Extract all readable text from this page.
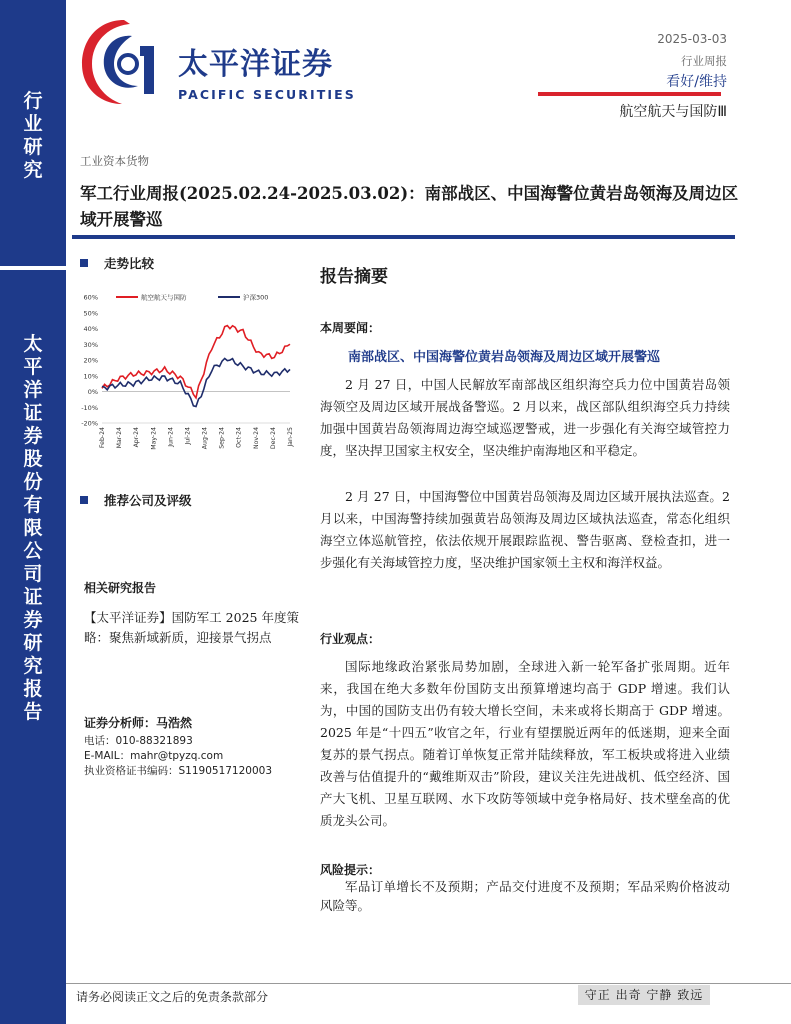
行
业
研
究
太
平
洋
证
券
股
份
有
限
公
司
证
券
研
究
报
告
太平洋证券
PACIFIC SECURITIES
2025-03-03
行业周报
看好/维持
航空航天与国防Ⅲ
工业资本货物
军工行业周报(2025.02.24-2025.03.02)：南部战区、中国海警位黄岩岛领海及周边区域开展警巡
走势比较
60%
50%
40%
30%
20%
10%
0%
-10%
-20%
Feb-24 Mar-24 Apr-24 May-24 Jun-24 Jul-24 Aug-24 Sep-24 Oct-24 Nov-24 Dec-24 Jan-25
航空航天与国防	沪深300
推荐公司及评级
相关研究报告
【太平洋证券】国防军工 2025 年度策略：聚焦新域新质，迎接景气拐点
证券分析师：马浩然
电话：010-88321893
E-MAIL：mahr@tpyzq.com
执业资格证书编码：S1190517120003
报告摘要
本周要闻：
南部战区、中国海警位黄岩岛领海及周边区域开展警巡
2 月 27 日，中国人民解放军南部战区组织海空兵力位中国黄岩岛领海领空及周边区域开展战备警巡。2 月以来，战区部队组织海空兵力持续加强中国黄岩岛领海周边海空域巡逻警戒，进一步强化有关海空域管控力度，坚决捍卫国家主权安全，坚决维护南海地区和平稳定。
2 月 27 日，中国海警位中国黄岩岛领海及周边区域开展执法巡查。2 月以来，中国海警持续加强黄岩岛领海及周边区域执法巡查，常态化组织海空立体巡航管控，依法依规开展跟踪监视、警告驱离、登检查扣，进一步强化有关海域管控力度，坚决维护国家领土主权和海洋权益。
行业观点：
国际地缘政治紧张局势加剧，全球进入新一轮军备扩张周期。近年来，我国在绝大多数年份国防支出预算增速均高于 GDP 增速。我们认为，中国的国防支出仍有较大增长空间，未来或将长期高于 GDP 增速。2025 年是“十四五”收官之年，行业有望摆脱近两年的低迷期，迎来全面复苏的景气拐点。随着订单恢复正常并陆续释放，军工板块或将进入业绩改善与估值提升的“戴维斯双击”阶段，建议关注先进战机、低空经济、国产大飞机、卫星互联网、水下攻防等领域中竞争格局好、技术壁垒高的优质龙头公司。
风险提示：
军品订单增长不及预期；产品交付进度不及预期；军品采购价格波动风险等。
请务必阅读正文之后的免责条款部分	守正 出奇 宁静 致远
